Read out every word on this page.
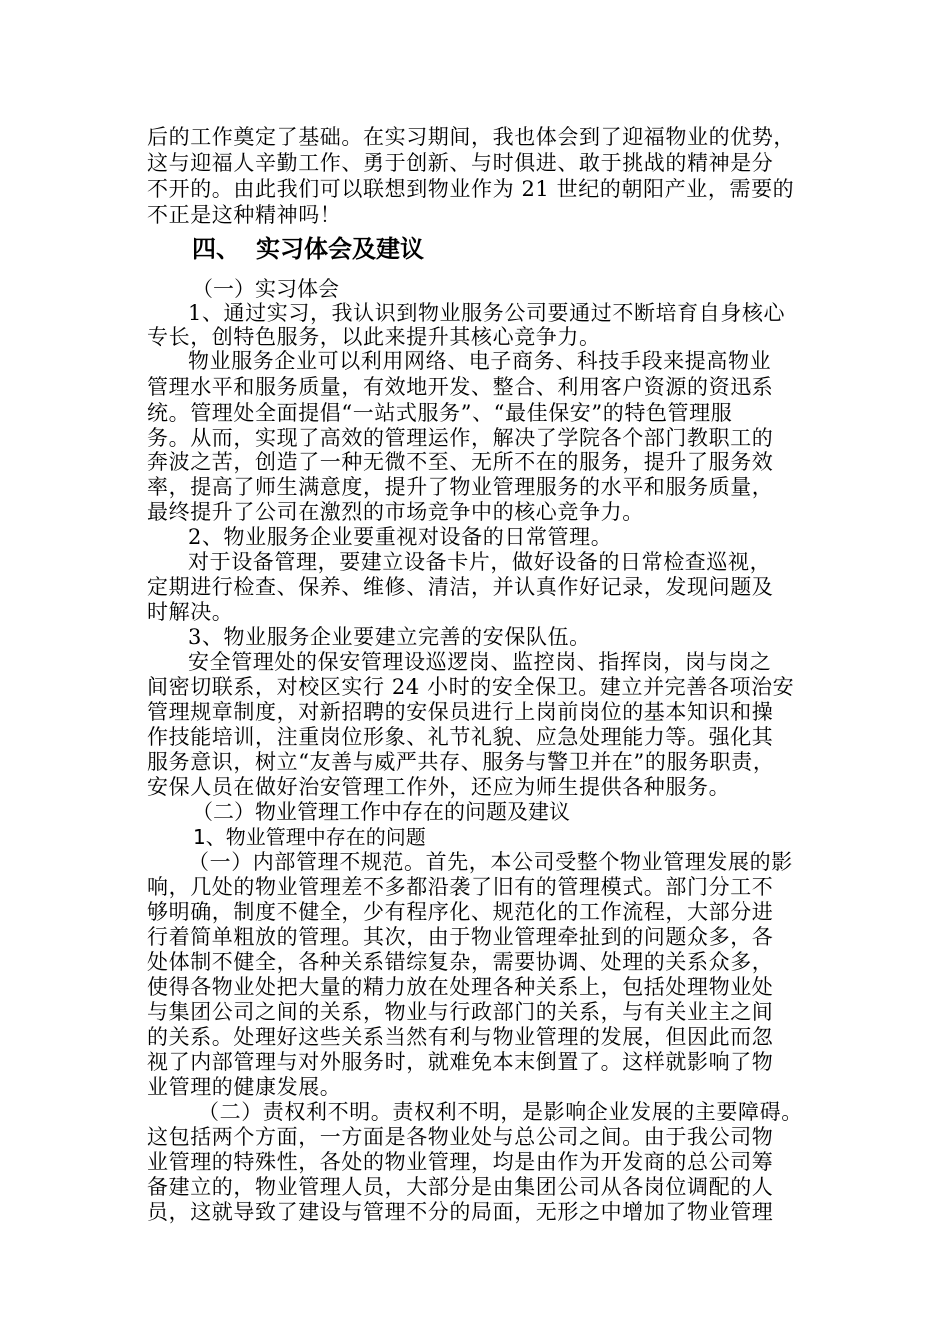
后的工作奠定了基础。在实习期间，我也体会到了迎福物业的优势，
这与迎福人辛勤工作、勇于创新、与时俱进、敢于挑战的精神是分
不开的。由此我们可以联想到物业作为 21 世纪的朝阳产业，需要的
不正是这种精神吗！
四、 实习体会及建议
（一）实习体会
1、通过实习，我认识到物业服务公司要通过不断培育自身核心
专长，创特色服务，以此来提升其核心竞争力。
物业服务企业可以利用网络、电子商务、科技手段来提高物业
管理水平和服务质量，有效地开发、整合、利用客户资源的资迅系
统。管理处全面提倡“一站式服务”、“最佳保安”的特色管理服
务。从而，实现了高效的管理运作，解决了学院各个部门教职工的
奔波之苦，创造了一种无微不至、无所不在的服务，提升了服务效
率，提高了师生满意度，提升了物业管理服务的水平和服务质量，
最终提升了公司在激烈的市场竞争中的核心竞争力。
2、物业服务企业要重视对设备的日常管理。
对于设备管理，要建立设备卡片，做好设备的日常检查巡视，
定期进行检查、保养、维修、清洁，并认真作好记录，发现问题及
时解决。
3、物业服务企业要建立完善的安保队伍。
安全管理处的保安管理设巡逻岗、监控岗、指挥岗，岗与岗之
间密切联系，对校区实行 24 小时的安全保卫。建立并完善各项治安
管理规章制度，对新招聘的安保员进行上岗前岗位的基本知识和操
作技能培训，注重岗位形象、礼节礼貌、应急处理能力等。强化其
服务意识，树立“友善与威严共存、服务与警卫并在”的服务职责，
安保人员在做好治安管理工作外，还应为师生提供各种服务。
（二）物业管理工作中存在的问题及建议
1、物业管理中存在的问题
（一）内部管理不规范。首先，本公司受整个物业管理发展的影
响，几处的物业管理差不多都沿袭了旧有的管理模式。部门分工不
够明确，制度不健全，少有程序化、规范化的工作流程，大部分进
行着简单粗放的管理。其次，由于物业管理牵扯到的问题众多，各
处体制不健全，各种关系错综复杂，需要协调、处理的关系众多，
使得各物业处把大量的精力放在处理各种关系上，包括处理物业处
与集团公司之间的关系，物业与行政部门的关系，与有关业主之间
的关系。处理好这些关系当然有利与物业管理的发展，但因此而忽
视了内部管理与对外服务时，就难免本末倒置了。这样就影响了物
业管理的健康发展。
（二）责权利不明。责权利不明，是影响企业发展的主要障碍。
这包括两个方面，一方面是各物业处与总公司之间。由于我公司物
业管理的特殊性，各处的物业管理，均是由作为开发商的总公司筹
备建立的，物业管理人员，大部分是由集团公司从各岗位调配的人
员，这就导致了建设与管理不分的局面，无形之中增加了物业管理
